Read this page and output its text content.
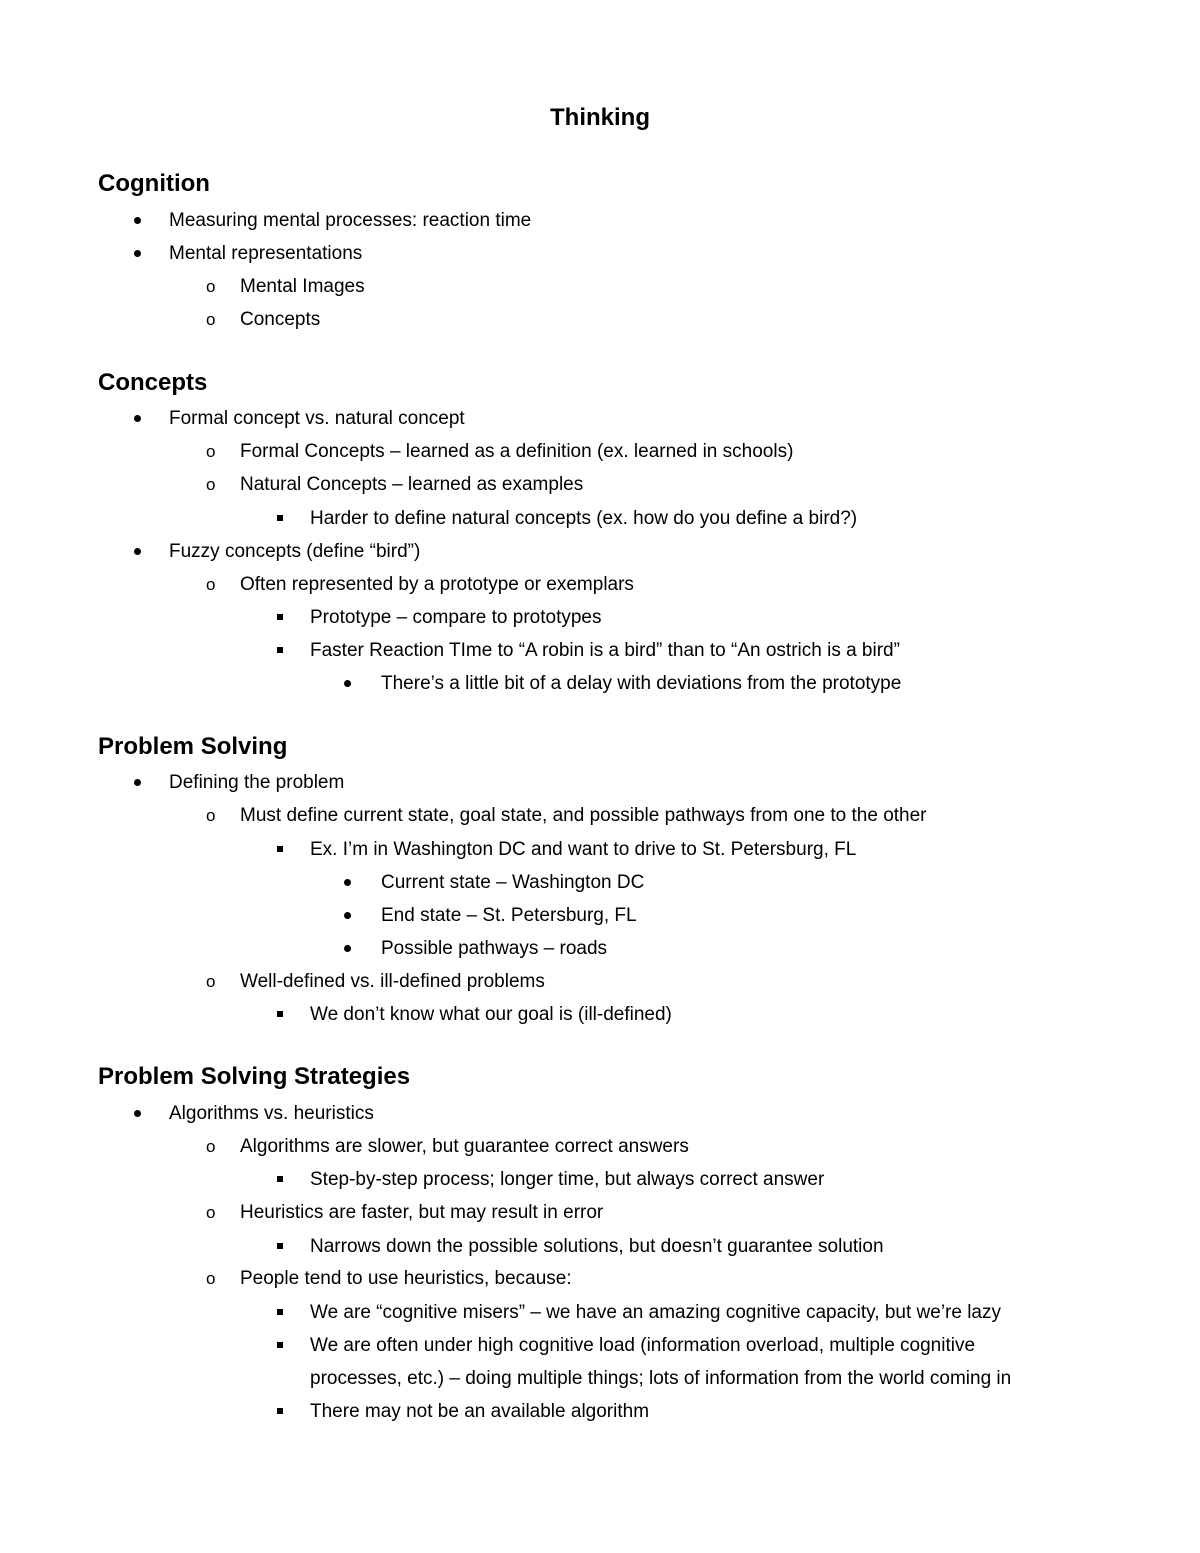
Thinking
Cognition
Measuring mental processes: reaction time
Mental representations
o Mental Images
o Concepts
Concepts
Formal concept vs. natural concept
o Formal Concepts – learned as a definition (ex. learned in schools)
o Natural Concepts – learned as examples
Harder to define natural concepts (ex. how do you define a bird?)
Fuzzy concepts (define “bird”)
o Often represented by a prototype or exemplars
Prototype – compare to prototypes
Faster Reaction TIme to “A robin is a bird” than to “An ostrich is a bird”
There’s a little bit of a delay with deviations from the prototype
Problem Solving
Defining the problem
o Must define current state, goal state, and possible pathways from one to the other
Ex. I’m in Washington DC and want to drive to St. Petersburg, FL
Current state – Washington DC
End state – St. Petersburg, FL
Possible pathways – roads
o Well-defined vs. ill-defined problems
We don’t know what our goal is (ill-defined)
Problem Solving Strategies
Algorithms vs. heuristics
o Algorithms are slower, but guarantee correct answers
Step-by-step process; longer time, but always correct answer
o Heuristics are faster, but may result in error
Narrows down the possible solutions, but doesn’t guarantee solution
o People tend to use heuristics, because:
We are “cognitive misers” – we have an amazing cognitive capacity, but we’re lazy
We are often under high cognitive load (information overload, multiple cognitive
processes, etc.) – doing multiple things; lots of information from the world coming in
There may not be an available algorithm
